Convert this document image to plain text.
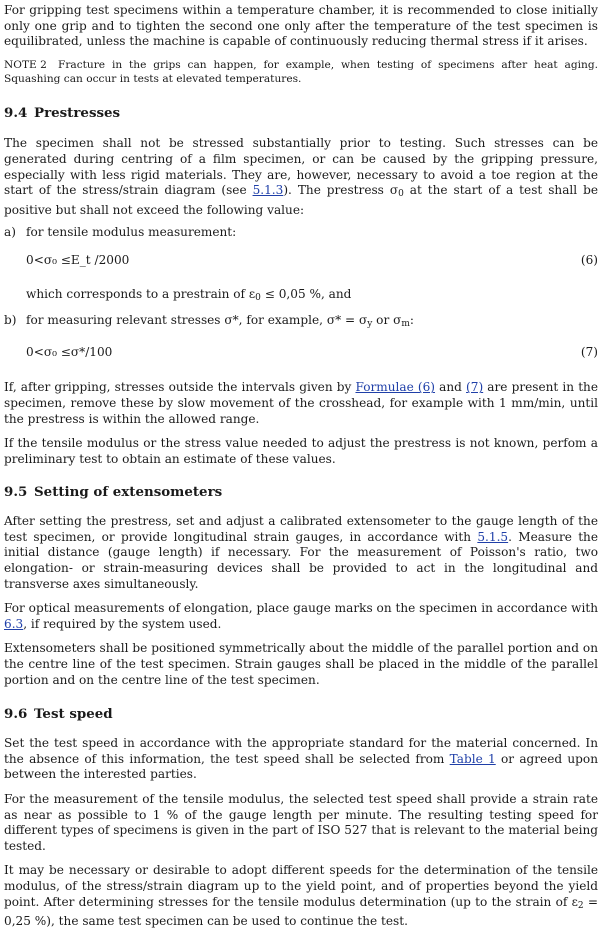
For gripping test specimens within a temperature chamber, it is recommended to close initially only one grip and to tighten the second one only after the temperature of the test specimen is equilibrated, unless the machine is capable of continuously reducing thermal stress if it arises.

NOTE 2 Fracture in the grips can happen, for example, when testing of specimens after heat aging. Squashing can occur in tests at elevated temperatures.

9.4 Prestresses

The specimen shall not be stressed substantially prior to testing. Such stresses can be generated during centring of a film specimen, or can be caused by the gripping pressure, especially with less rigid materials. They are, however, necessary to avoid a toe region at the start of the stress/strain diagram (see 5.1.3). The prestress $\sigma_0$ at the start of a test shall be positive but shall not exceed the following value:

a) for tensile modulus measurement:
0<σ₀ ≤E_t /2000	(6)
which corresponds to a prestrain of $\varepsilon_0 \le 0,05$ %, and
b) for measuring relevant stresses σ*, for example, $\sigma* = \sigma_y$ or $\sigma_m$:
0<σ₀ ≤σ*/100	(7)

If, after gripping, stresses outside the intervals given by Formulae (6) and (7) are present in the specimen, remove these by slow movement of the crosshead, for example with 1 mm/min, until the prestress is within the allowed range.

If the tensile modulus or the stress value needed to adjust the prestress is not known, perfom a preliminary test to obtain an estimate of these values.

9.5 Setting of extensometers

After setting the prestress, set and adjust a calibrated extensometer to the gauge length of the test specimen, or provide longitudinal strain gauges, in accordance with 5.1.5. Measure the initial distance (gauge length) if necessary. For the measurement of Poisson's ratio, two elongation- or strain-measuring devices shall be provided to act in the longitudinal and transverse axes simultaneously.

For optical measurements of elongation, place gauge marks on the specimen in accordance with 6.3, if required by the system used.

Extensometers shall be positioned symmetrically about the middle of the parallel portion and on the centre line of the test specimen. Strain gauges shall be placed in the middle of the parallel portion and on the centre line of the test specimen.

9.6 Test speed

Set the test speed in accordance with the appropriate standard for the material concerned. In the absence of this information, the test speed shall be selected from Table 1 or agreed upon between the interested parties.

For the measurement of the tensile modulus, the selected test speed shall provide a strain rate as near as possible to 1 % of the gauge length per minute. The resulting testing speed for different types of specimens is given in the part of ISO 527 that is relevant to the material being tested.

It may be necessary or desirable to adopt different speeds for the determination of the tensile modulus, of the stress/strain diagram up to the yield point, and of properties beyond the yield point. After determining stresses for the tensile modulus determination (up to the strain of $\varepsilon_2 = 0,25$ %), the same test specimen can be used to continue the test.
